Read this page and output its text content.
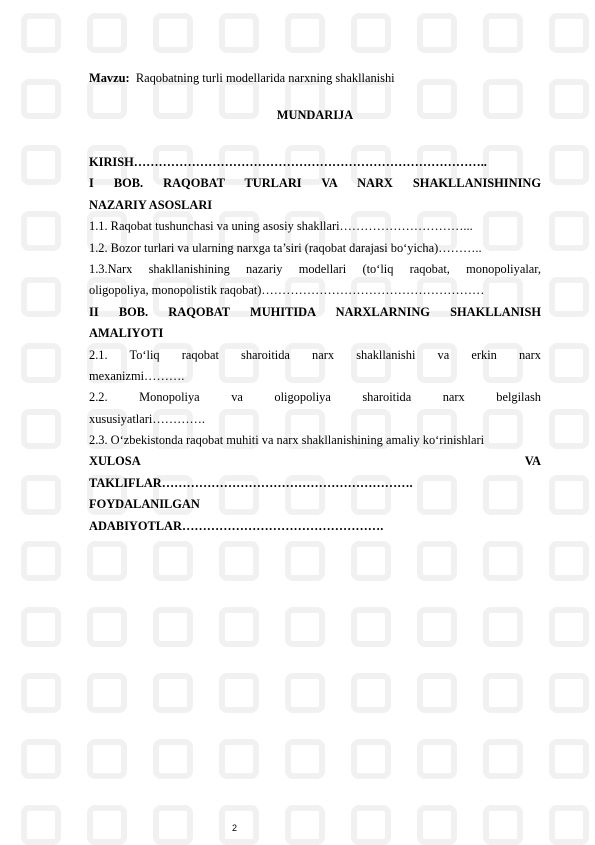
Mavzu: Raqobatning turli modellarida narxning shakllanishi
MUNDARIJA
KIRISH…………………………………………………………………………..
I BOB. RAQOBAT TURLARI VA NARX SHAKLLANISHINING
NAZARIY ASOSLARI
1.1. Raqobat tushunchasi va uning asosiy shakllari…………………………...
1.2. Bozor turlari va ularning narxga ta’siri (raqobat darajasi bo‘yicha)………..
1.3.Narx shakllanishining nazariy modellari (to‘liq raqobat, monopoliyalar,
oligopoliya, monopolistik raqobat)………………………………………………
II BOB. RAQOBAT MUHITIDA NARXLARNING SHAKLLANISH
AMALIYOTI
2.1. To‘liq raqobat sharoitida narx shakllanishi va erkin narx
mexanizmi……….
2.2. Monopoliya va oligopoliya sharoitida narx belgilash
xususiyatlari………….
2.3. O‘zbekistonda raqobat muhiti va narx shakllanishining amaliy ko‘rinishlari
XULOSA VA
TAKLIFLAR…………………………………………………….
FOYDALANILGAN
ADABIYOTLAR………………………………………….
2
